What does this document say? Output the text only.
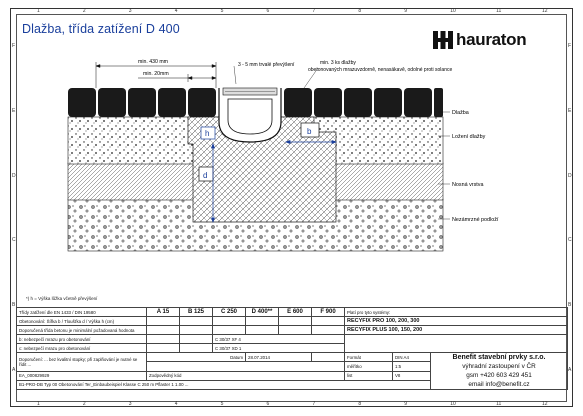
1
1
2
2
3
3
4
4
5
5
6
6
7
7
8
8
9
9
10
10
11
11
12
12
F	F
E	E
D	D
C	C
B	B
A	A
Dlažba, třída zatížení D 400
hauraton
min. 430 mm
min. 20mm
h	b
d
3 - 5 mm trvalé převýšení	min. 3 ks dlažby
obetonovaných mrazuvzdorně, nenasákavě, odolné proti solance
Dlažba
Ložení dlažby
Nosná vrstva
Nezámrzné podloží
*) h = Výška lůžka včetně převýšení
Třídy zatížení dle EN 1433 / DIN 19580	A 15	B 125	C 250	D 400**	E 600	F 900	Platí pro tyto systémy:		
Obetonování: Šířka b / Tloušťka d / Výška h (cm)							RECYFIX PRO 100, 200, 300		
Doporučená třída betonu je minimální požadovaná hodnota							RECYFIX PLUS 100, 150, 200		
b: nebezpečí mrazu pro obetonování			C 30/37 XF 4						
c: nebezpečí mrazu pro obetonování			C 30/37 XD 1						
Doporučení: ... bez kvalitní stopky; při zaplňování je nutné se řídit ...			Datum	28.07.2014			Formát	DIN A4	Benefit stavební prvky s.r.o.
výhradní zastoupení v ČR
gsm +420 603 429 451
email info@benefit.cz
							měřítko	1:5	
EA_000829929	Zodpovědný kód						list	V8	
B1-PRO-DB Typ 00 Obetonování Ter_Einbaubeispiel Klasse C 250 m Pflaster 1 1.00 ...									
